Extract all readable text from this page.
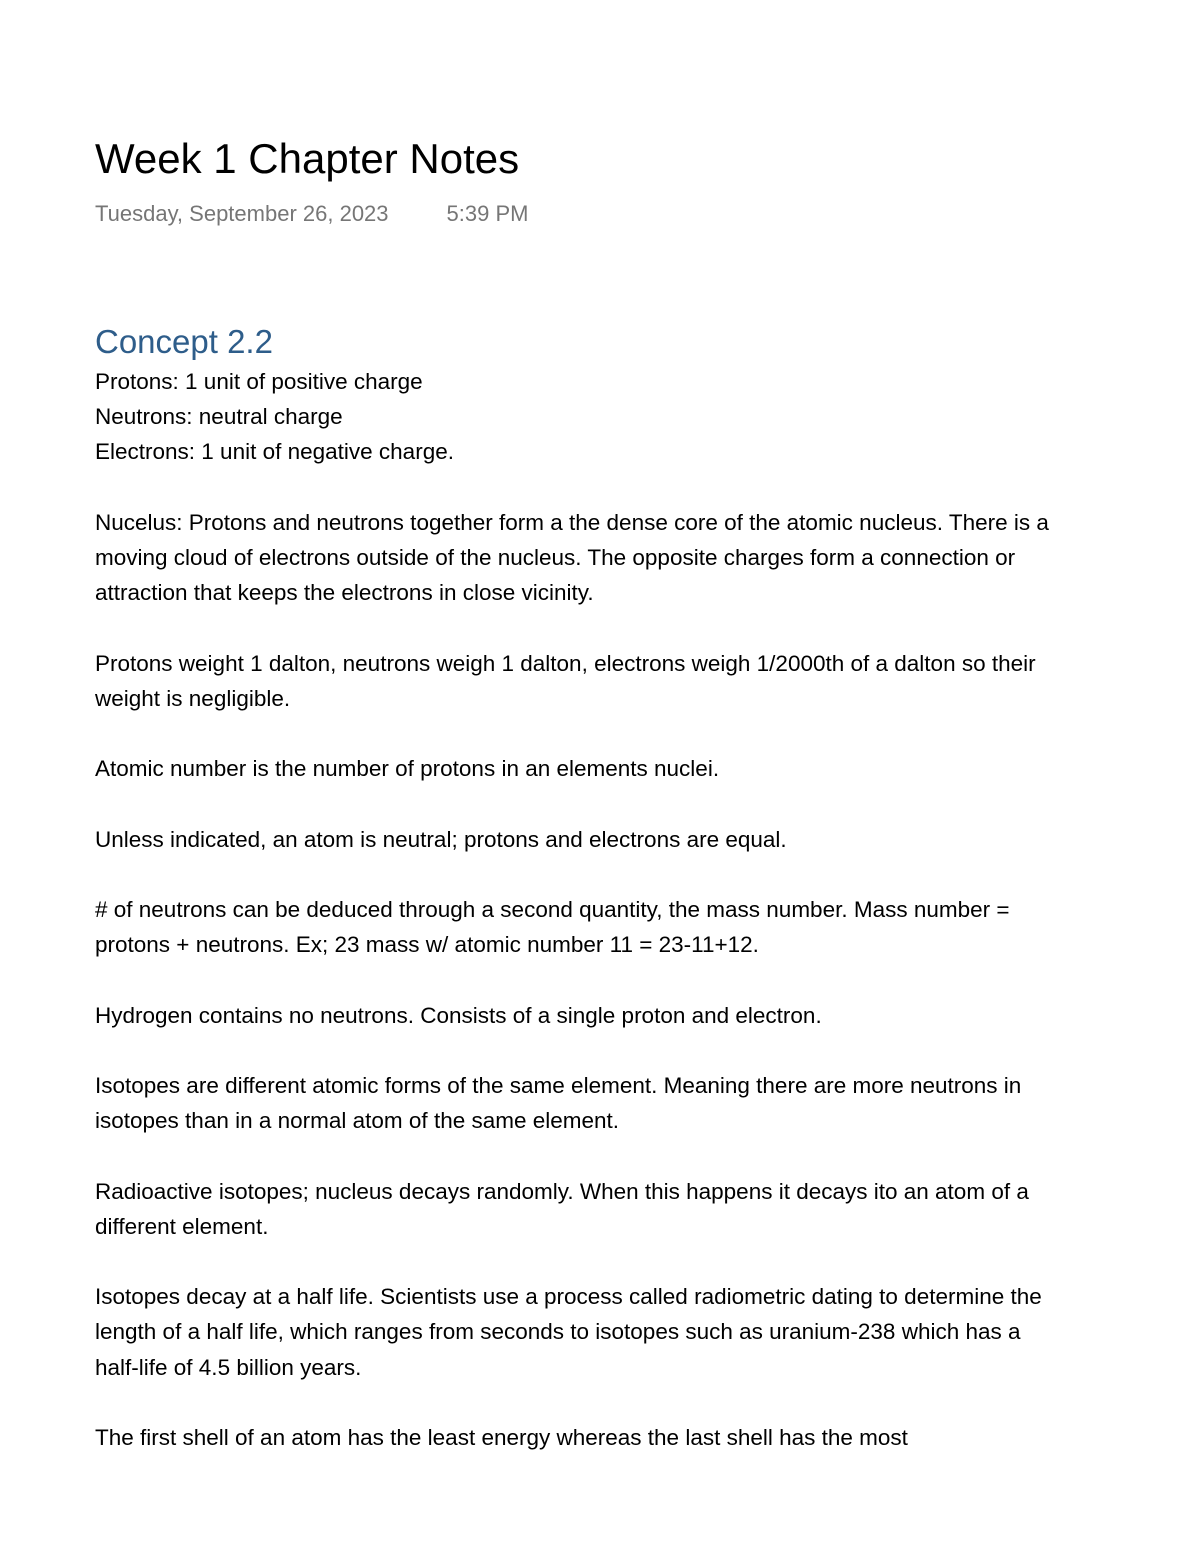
Week 1 Chapter Notes
Tuesday, September 26, 2023	5:39 PM
Concept 2.2

Protons: 1 unit of positive charge

Neutrons: neutral charge

Electrons: 1 unit of negative charge.

Nucelus: Protons and neutrons together form a the dense core of the atomic nucleus. There is a

moving cloud of electrons outside of the nucleus. The opposite charges form a connection or

attraction that keeps the electrons in close vicinity.

Protons weight 1 dalton, neutrons weigh 1 dalton, electrons weigh 1/2000th of a dalton so their

weight is negligible.

Atomic number is the number of protons in an elements nuclei.

Unless indicated, an atom is neutral; protons and electrons are equal.

# of neutrons can be deduced through a second quantity, the mass number. Mass number =

protons + neutrons. Ex; 23 mass w/ atomic number 11 = 23-11+12.

Hydrogen contains no neutrons. Consists of a single proton and electron.

Isotopes are different atomic forms of the same element. Meaning there are more neutrons in

isotopes than in a normal atom of the same element.

Radioactive isotopes; nucleus decays randomly. When this happens it decays ito an atom of a

different element.

Isotopes decay at a half life. Scientists use a process called radiometric dating to determine the

length of a half life, which ranges from seconds to isotopes such as uranium-238 which has a

half-life of 4.5 billion years.

The first shell of an atom has the least energy whereas the last shell has the most
